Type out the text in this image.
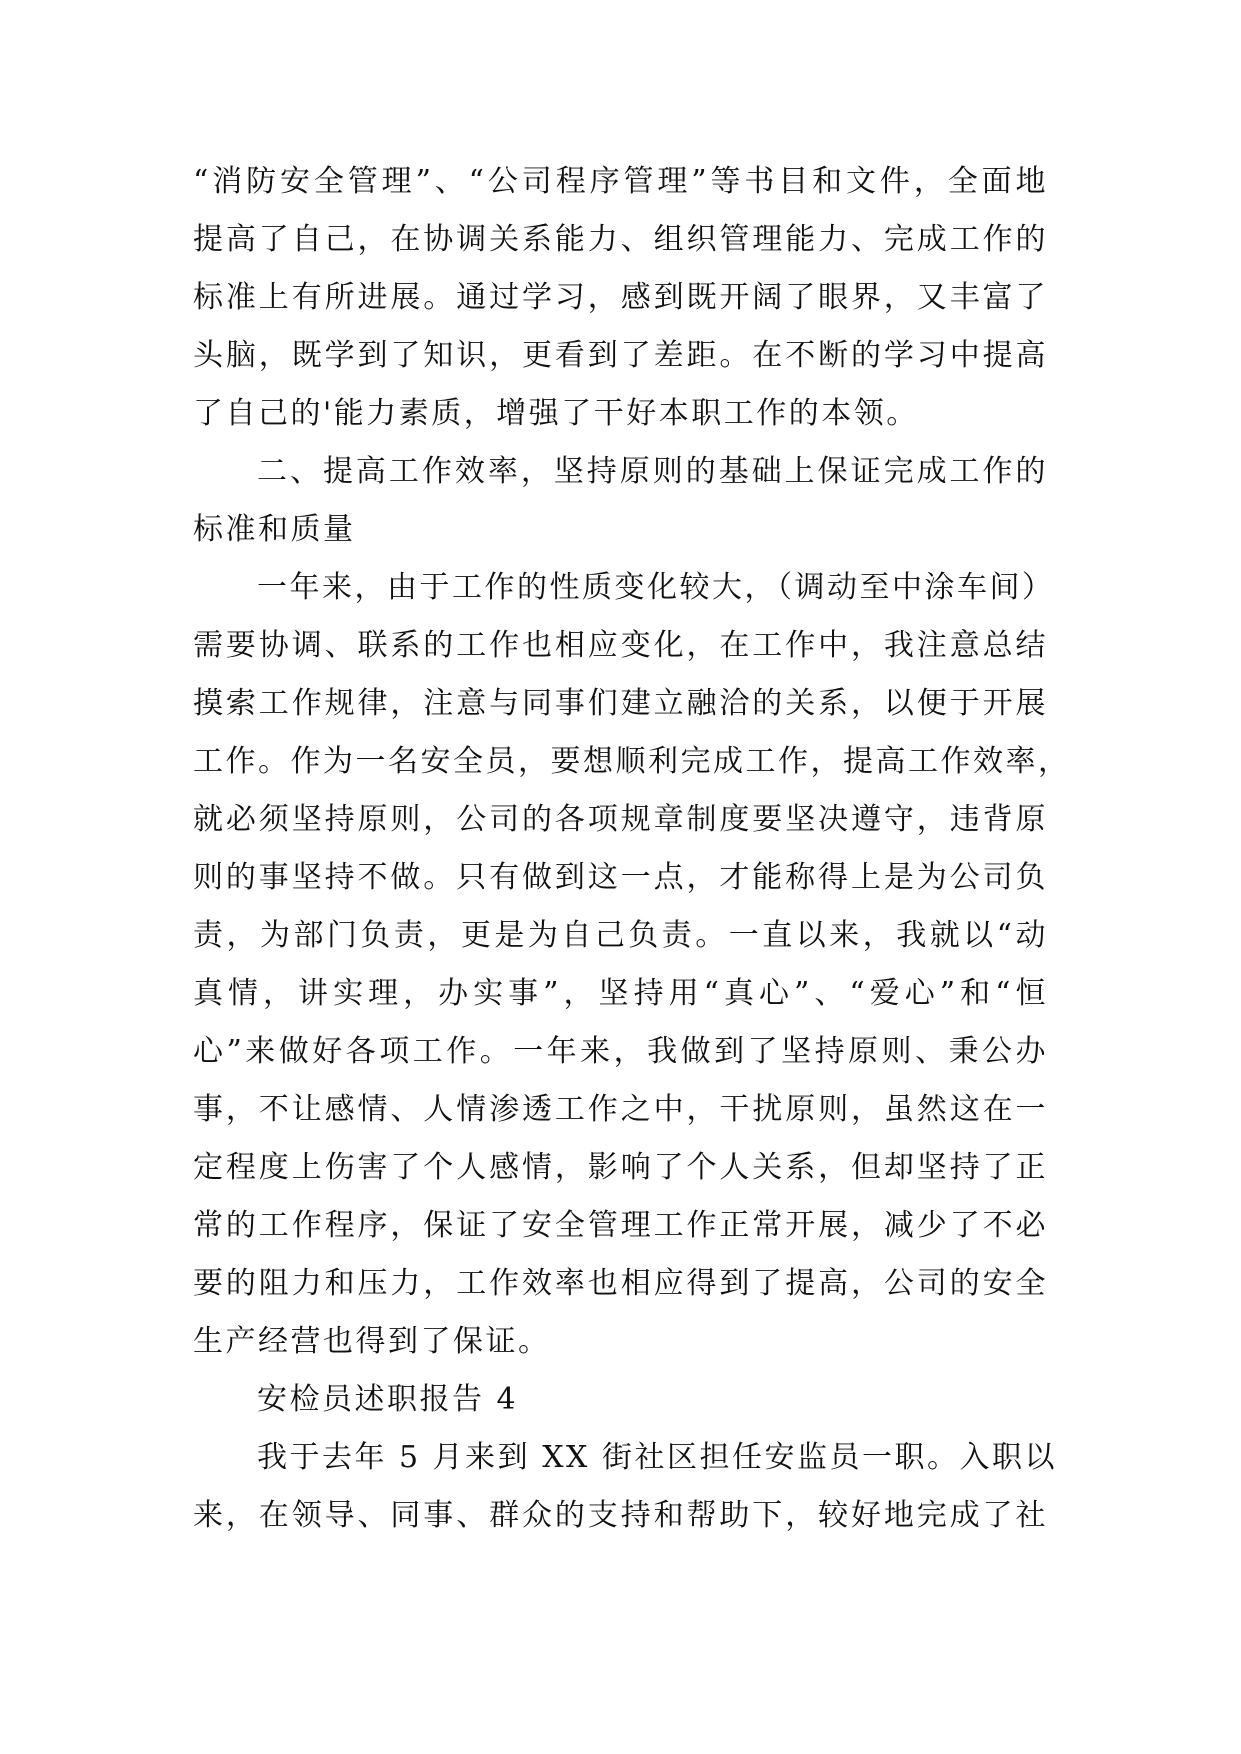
“消防安全管理”、“公司程序管理”等书目和文件，全面地
提高了自己，在协调关系能力、组织管理能力、完成工作的
标准上有所进展。通过学习，感到既开阔了眼界，又丰富了
头脑，既学到了知识，更看到了差距。在不断的学习中提高
了自己的'能力素质，增强了干好本职工作的本领。
二、提高工作效率，坚持原则的基础上保证完成工作的
标准和质量
一年来，由于工作的性质变化较大，（调动至中涂车间）
需要协调、联系的工作也相应变化，在工作中，我注意总结
摸索工作规律，注意与同事们建立融洽的关系，以便于开展
工作。作为一名安全员，要想顺利完成工作，提高工作效率，
就必须坚持原则，公司的各项规章制度要坚决遵守，违背原
则的事坚持不做。只有做到这一点，才能称得上是为公司负
责，为部门负责，更是为自己负责。一直以来，我就以“动
真情，讲实理，办实事”，坚持用“真心”、“爱心”和“恒
心”来做好各项工作。一年来，我做到了坚持原则、秉公办
事，不让感情、人情渗透工作之中，干扰原则，虽然这在一
定程度上伤害了个人感情，影响了个人关系，但却坚持了正
常的工作程序，保证了安全管理工作正常开展，减少了不必
要的阻力和压力，工作效率也相应得到了提高，公司的安全
生产经营也得到了保证。
安检员述职报告 4
我于去年 5 月来到 XX 街社区担任安监员一职。入职以
来，在领导、同事、群众的支持和帮助下，较好地完成了社
